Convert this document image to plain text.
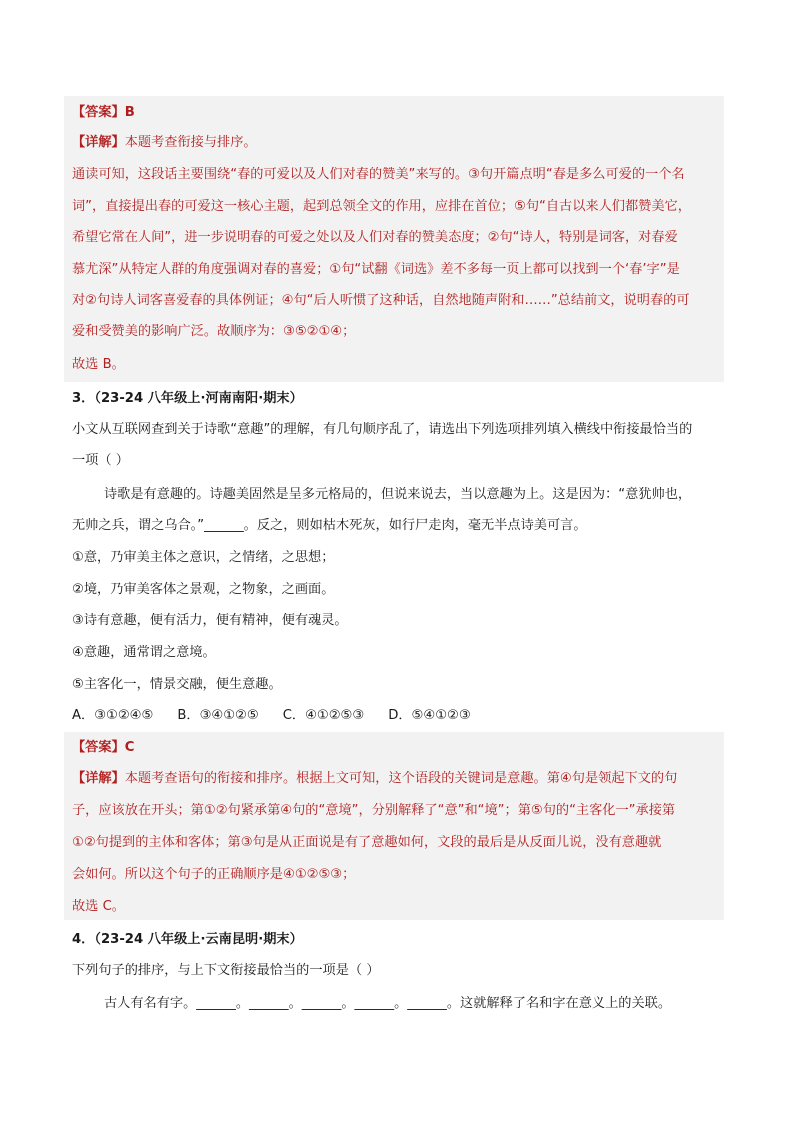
【答案】B
【详解】本题考查衔接与排序。
通读可知，这段话主要围绕“春的可爱以及人们对春的赞美”来写的。③句开篇点明“春是多么可爱的一个名
词”，直接提出春的可爱这一核心主题，起到总领全文的作用，应排在首位；⑤句“自古以来人们都赞美它，
希望它常在人间”，进一步说明春的可爱之处以及人们对春的赞美态度；②句“诗人，特别是词客，对春爱
慕尤深”从特定人群的角度强调对春的喜爱；①句“试翻《词选》差不多每一页上都可以找到一个‘春’字”是
对②句诗人词客喜爱春的具体例证；④句“后人听惯了这种话，自然地随声附和……”总结前文，说明春的可
爱和受赞美的影响广泛。故顺序为：③⑤②①④；
故选 B。
3．（23-24 八年级上·河南南阳·期末）
小文从互联网查到关于诗歌“意趣”的理解，有几句顺序乱了，请选出下列选项排列填入横线中衔接最恰当的
一项（ ）
诗歌是有意趣的。诗趣美固然是呈多元格局的，但说来说去，当以意趣为上。这是因为：“意犹帅也，
无帅之兵，谓之乌合。”______。反之，则如枯木死灰，如行尸走肉，毫无半点诗美可言。
①意，乃审美主体之意识，之情绪，之思想；
②境，乃审美客体之景观，之物象，之画面。
③诗有意趣，便有活力，便有精神，便有魂灵。
④意趣，通常谓之意境。
⑤主客化一，情景交融，便生意趣。
A．③①②④⑤ B．③④①②⑤ C．④①②⑤③ D．⑤④①②③
【答案】C
【详解】本题考查语句的衔接和排序。根据上文可知，这个语段的关键词是意趣。第④句是领起下文的句
子，应该放在开头；第①②句紧承第④句的“意境”，分别解释了“意”和“境”；第⑤句的“主客化一”承接第
①②句提到的主体和客体；第③句是从正面说是有了意趣如何，文段的最后是从反面儿说，没有意趣就
会如何。所以这个句子的正确顺序是④①②⑤③；
故选 C。
4．（23-24 八年级上·云南昆明·期末）
下列句子的排序，与上下文衔接最恰当的一项是（ ）
古人有名有字。______。______。______。______。______。这就解释了名和字在意义上的关联。
